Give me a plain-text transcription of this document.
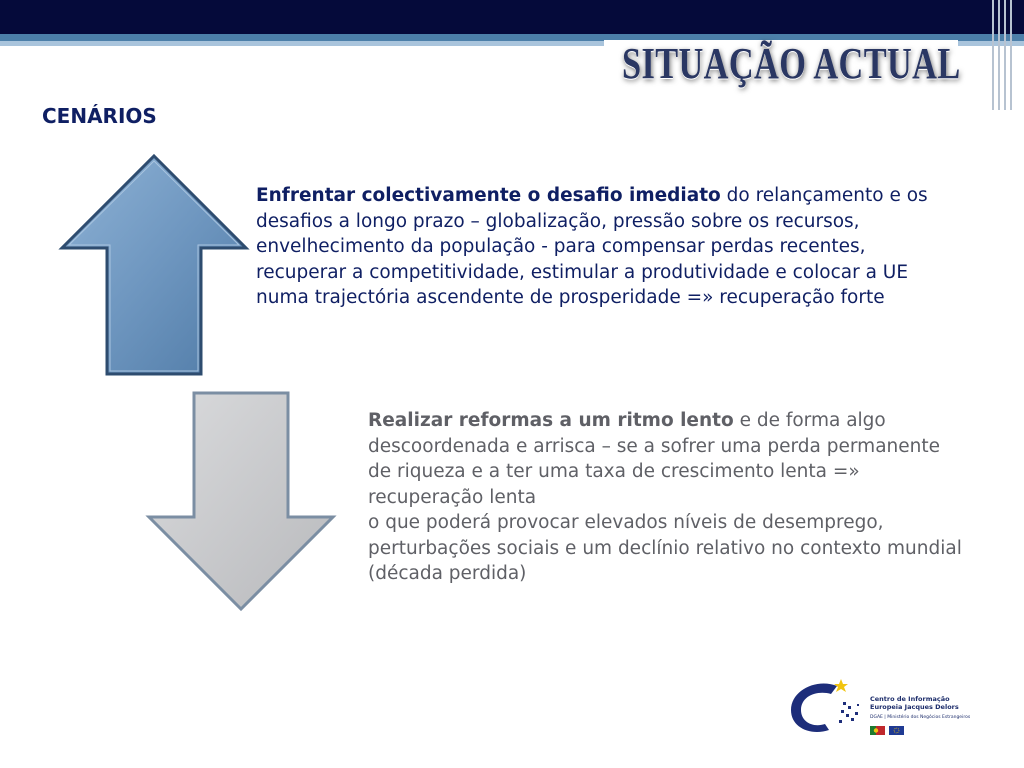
SITUAÇÃO ACTUAL
CENÁRIOS
Enfrentar colectivamente o desafio imediato do relançamento e os desafios a longo prazo – globalização, pressão sobre os recursos, envelhecimento da população - para compensar perdas recentes, recuperar a competitividade, estimular a produtividade e colocar a UE numa trajectória ascendente de prosperidade =» recuperação forte
Realizar reformas a um ritmo lento e de forma algo descoordenada e arrisca – se a sofrer uma perda permanente de riqueza e a ter uma taxa de crescimento lenta =» recuperação lenta
o que poderá provocar elevados níveis de desemprego, perturbações sociais e um declínio relativo no contexto mundial (década perdida)
Centro de Informação
Europeia Jacques Delors
DGAE | Ministério dos Negócios Estrangeiros
